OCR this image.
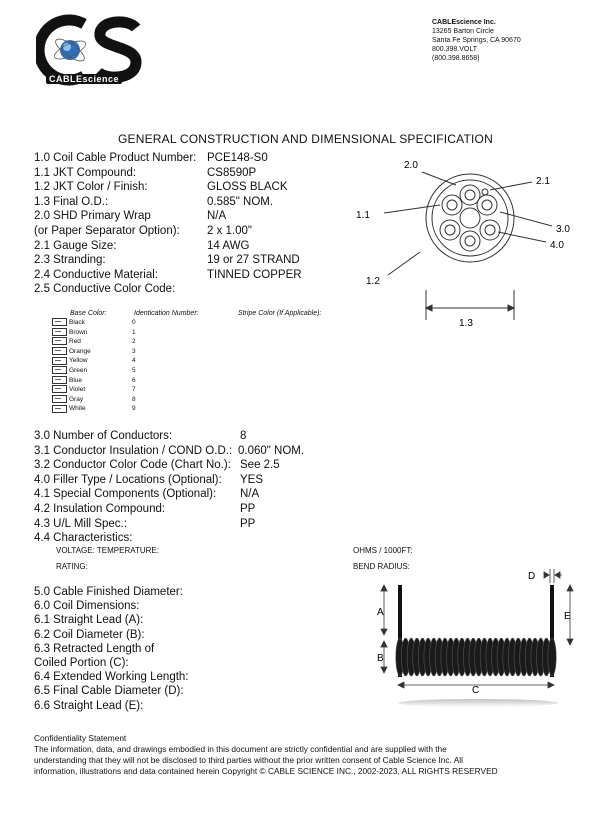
CABLEscience
CABLEscience Inc.
13265 Barton Circle
Santa Fe Springs, CA 90670
800.398.VOLT
(800.398.8658)
GENERAL CONSTRUCTION AND DIMENSIONAL SPECIFICATION
1.0 Coil Cable Product Number:
1.1 JKT Compound:
1.2 JKT Color / Finish:
1.3 Final O.D.:
2.0 SHD Primary Wrap
(or Paper Separator Option):
2.1 Gauge Size:
2.3 Stranding:
2.4 Conductive Material:
2.5 Conductive Color Code:
PCE148-S0
CS8590P
GLOSS BLACK
0.585" NOM.
N/A
2 x 1.00"
14 AWG
19 or 27 STRAND
TINNED COPPER
Base Color:	Identication Number:	Stripe Color (If Applicable):
Black
Brown
Red
Orange
Yellow
Green
Blue
Violet
Gray
White
0
1
2
3
4
5
6
7
8
9
3.0 Number of Conductors:
3.1 Conductor Insulation / COND O.D.:
3.2 Conductor Color Code (Chart No.):
4.0 Filler Type / Locations (Optional):
4.1 Special Components (Optional):
4.2 Insulation Compound:
4.3 U/L Mill Spec.:
4.4 Characteristics:
8
0.060" NOM.
See 2.5
YES
N/A
PP
PP
VOLTAGE: TEMPERATURE:
RATING:
OHMS / 1000FT:
BEND RADIUS:
5.0 Cable Finished Diameter:
6.0 Coil Dimensions:
6.1 Straight Lead (A):
6.2 Coil Diameter (B):
6.3 Retracted Length of
Coiled Portion (C):
6.4 Extended Working Length:
6.5 Final Cable Diameter (D):
6.6 Straight Lead (E):
2.0
2.1
1.1
3.0
4.0
1.2
1.3
A
B
E
C
D
Confidentiality Statement
The information, data, and drawings embodied in this document are strictly confidential and are supplied with the
understanding that they will not be disclosed to third parties without the prior written consent of Cable Science Inc. All
information, illustrations and data contained herein Copyright © CABLE SCIENCE INC., 2002-2023, ALL RIGHTS RESERVED
